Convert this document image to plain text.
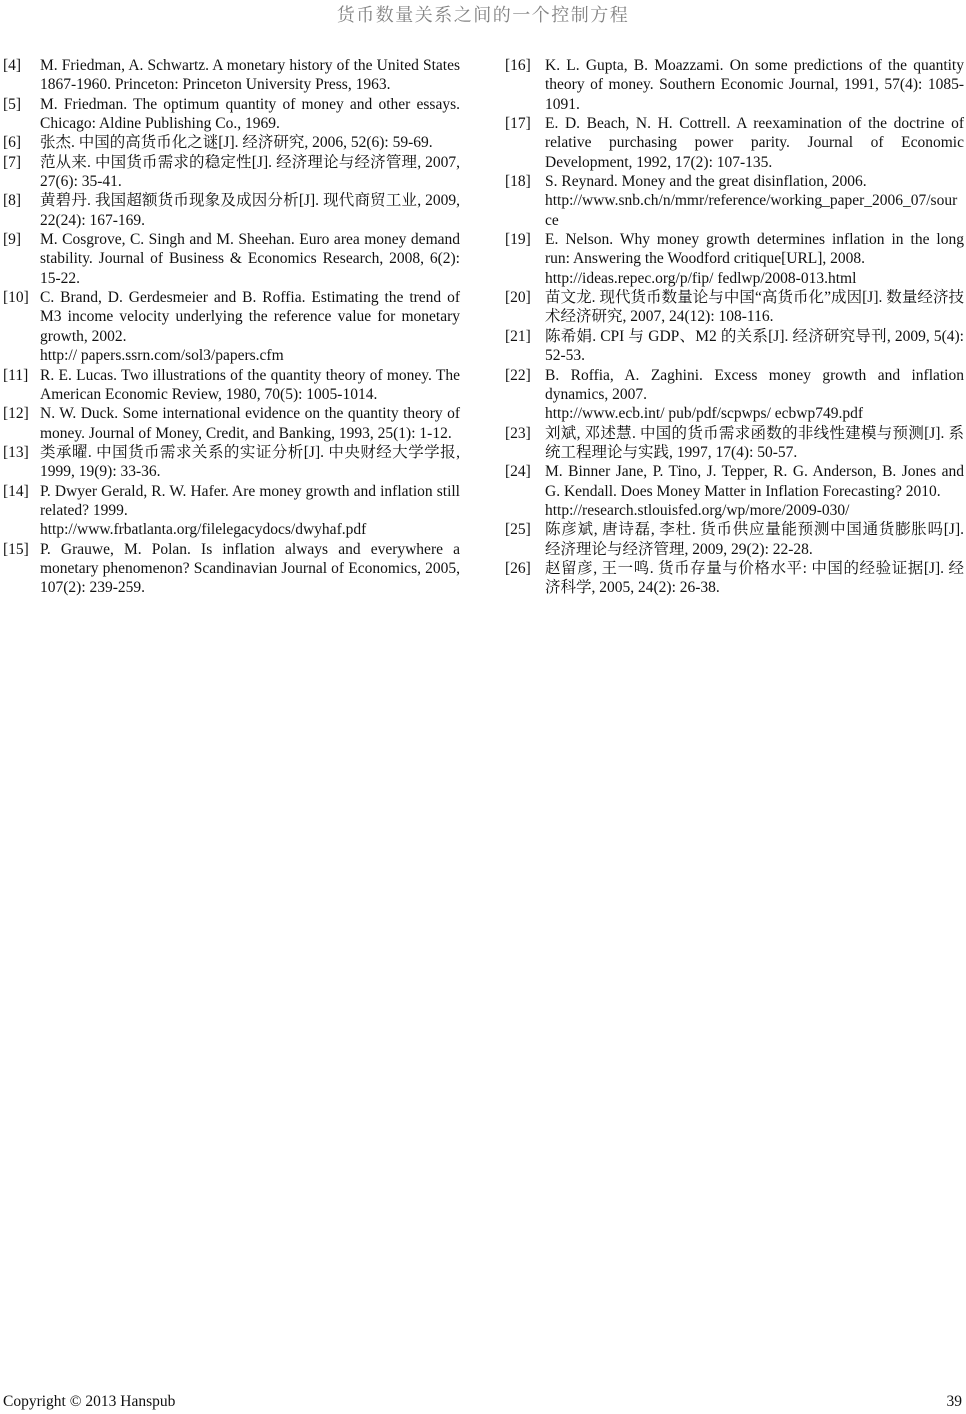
货币数量关系之间的一个控制方程
[4] M. Friedman, A. Schwartz. A monetary history of the United States 1867-1960. Princeton: Princeton University Press, 1963.
[5] M. Friedman. The optimum quantity of money and other essays. Chicago: Aldine Publishing Co., 1969.
[6] 张杰. 中国的高货币化之谜[J]. 经济研究, 2006, 52(6): 59-69.
[7] 范从来. 中国货币需求的稳定性[J]. 经济理论与经济管理, 2007, 27(6): 35-41.
[8] 黄碧丹. 我国超额货币现象及成因分析[J]. 现代商贸工业, 2009, 22(24): 167-169.
[9] M. Cosgrove, C. Singh and M. Sheehan. Euro area money demand stability. Journal of Business & Economics Research, 2008, 6(2): 15-22.
[10] C. Brand, D. Gerdesmeier and B. Roffia. Estimating the trend of M3 income velocity underlying the reference value for monetary growth, 2002.
http:// papers.ssrn.com/sol3/papers.cfm
[11] R. E. Lucas. Two illustrations of the quantity theory of money. The American Economic Review, 1980, 70(5): 1005-1014.
[12] N. W. Duck. Some international evidence on the quantity theory of money. Journal of Money, Credit, and Banking, 1993, 25(1): 1-12.
[13] 类承曜. 中国货币需求关系的实证分析[J]. 中央财经大学学报, 1999, 19(9): 33-36.
[14] P. Dwyer Gerald, R. W. Hafer. Are money growth and inflation still related? 1999.
http://www.frbatlanta.org/filelegacydocs/dwyhaf.pdf
[15] P. Grauwe, M. Polan. Is inflation always and everywhere a monetary phenomenon? Scandinavian Journal of Economics, 2005, 107(2): 239-259.
[16] K. L. Gupta, B. Moazzami. On some predictions of the quantity theory of money. Southern Economic Journal, 1991, 57(4): 1085-1091.
[17] E. D. Beach, N. H. Cottrell. A reexamination of the doctrine of relative purchasing power parity. Journal of Economic Development, 1992, 17(2): 107-135.
[18] S. Reynard. Money and the great disinflation, 2006.
http://www.snb.ch/n/mmr/reference/working_paper_2006_07/source
[19] E. Nelson. Why money growth determines inflation in the long run: Answering the Woodford critique[URL], 2008.
http://ideas.repec.org/p/fip/ fedlwp/2008-013.html
[20] 苗文龙. 现代货币数量论与中国“高货币化”成因[J]. 数量经济技术经济研究, 2007, 24(12): 108-116.
[21] 陈希娟. CPI 与 GDP、M2 的关系[J]. 经济研究导刊, 2009, 5(4): 52-53.
[22] B. Roffia, A. Zaghini. Excess money growth and inflation dynamics, 2007.
http://www.ecb.int/ pub/pdf/scpwps/ ecbwp749.pdf
[23] 刘斌, 邓述慧. 中国的货币需求函数的非线性建模与预测[J]. 系统工程理论与实践, 1997, 17(4): 50-57.
[24] M. Binner Jane, P. Tino, J. Tepper, R. G. Anderson, B. Jones and G. Kendall. Does Money Matter in Inflation Forecasting? 2010.
http://research.stlouisfed.org/wp/more/2009-030/
[25] 陈彦斌, 唐诗磊, 李杜. 货币供应量能预测中国通货膨胀吗[J]. 经济理论与经济管理, 2009, 29(2): 22-28.
[26] 赵留彦, 王一鸣. 货币存量与价格水平: 中国的经验证据[J]. 经济科学, 2005, 24(2): 26-38.
Copyright © 2013 Hanspub	39
